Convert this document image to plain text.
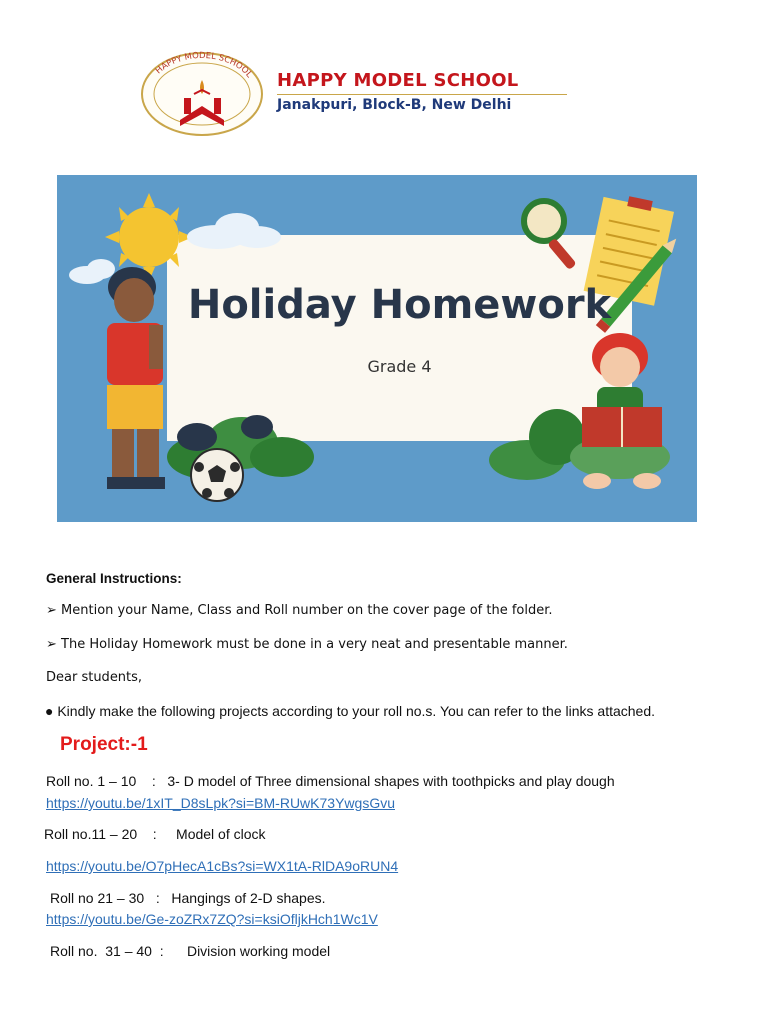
HAPPY MODEL SCHOOL HAPPY MODEL SCHOOL
Janakpuri, Block-B, New Delhi
Holiday Homework
Grade 4
General Instructions:
➢ Mention your Name, Class and Roll number on the cover page of the folder.
➢ The Holiday Homework must be done in a very neat and presentable manner.
Dear students,
● Kindly make the following projects according to your roll no.s. You can refer to the links attached.
Project:-1
Roll no. 1 – 10    :   3- D model of Three dimensional shapes with toothpicks and play dough
https://youtu.be/1xIT_D8sLpk?si=BM-RUwK73YwgsGvu
Roll no.11 – 20    :     Model of clock
https://youtu.be/O7pHecA1cBs?si=WX1tA-RlDA9oRUN4
Roll no 21 – 30   :   Hangings of 2-D shapes.
https://youtu.be/Ge-zoZRx7ZQ?si=ksiOfljkHch1Wc1V
Roll no.  31 – 40  :      Division working model
